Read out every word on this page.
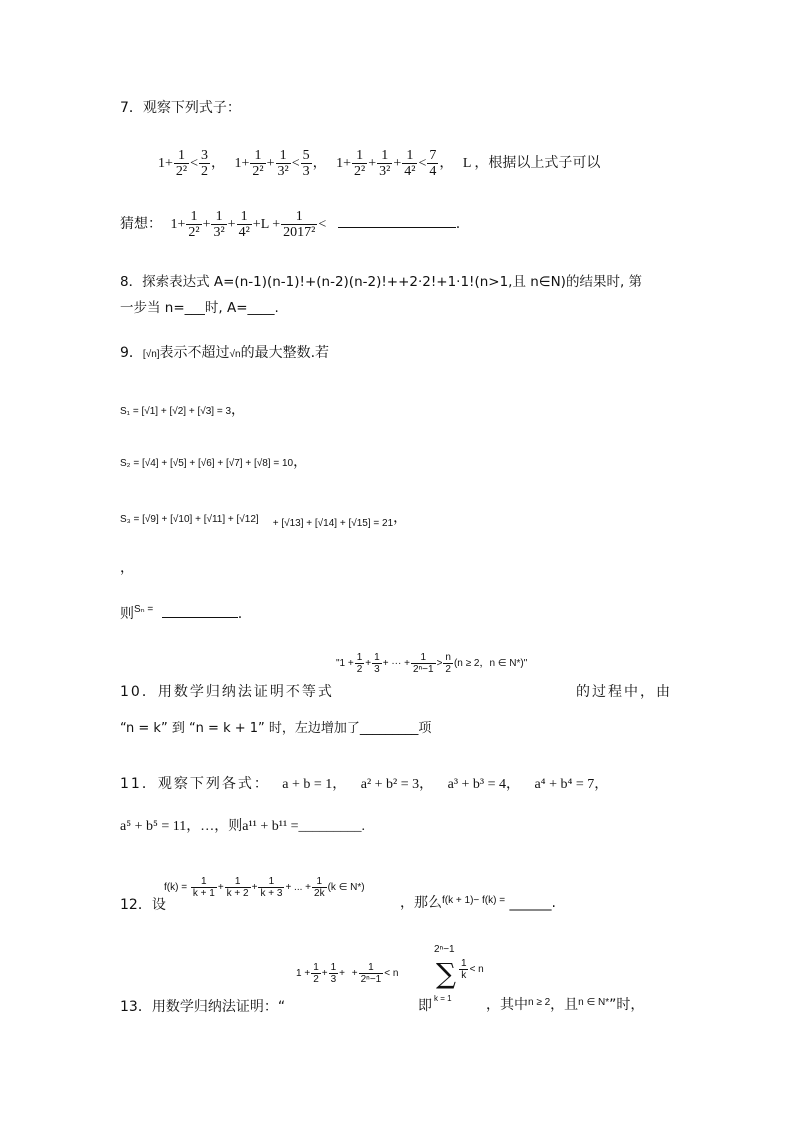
7．观察下列式子：
$1+ \frac{1}{\text{2²}} < \frac{3}{2}$ ， $1+ \frac{1}{\text{2²}} + \frac{1}{\text{3²}} < \frac{5}{3}$ ， $1+ \frac{1}{\text{2²}} + \frac{1}{\text{3²}} + \frac{1}{\text{4²}} < \frac{7}{4}$ ， L ，根据以上式子可以
猜想： $1+ \frac{1}{\text{2²}} + \frac{1}{\text{3²}} + \frac{1}{\text{4²}} +L + \frac{1}{\text{2017²}}$ <	.
8．探索表达式 A=(n-1)(n-1)!+(n-2)(n-2)!++2·2!+1·1!(n>1,且 n∈N)的结果时, 第
一步当 n=___时, A=____.
9．[√n]表示不超过√n的最大整数.若
S₁ = [√1] + [√2] + [√3] = 3，
S₂ = [√4] + [√5] + [√6] + [√7] + [√8] = 10，
S₃ = [√9] + [√10] + [√11] + [√12] $_{+ [√13] + [√14] + [√15] = 21}$，
，
则$^{S_n =}$	.
"$1 + \frac{1}{2} + \frac{1}{3}$ + ··· + $\frac{1}{\text{2ⁿ−1}} > \frac{n}{2} (n \ge 2$，n ∈ N*)"
10．用数学归纳法证明不等式	的过程中，由
“n = k” 到 “n = k + 1” 时，左边增加了_________项
11．观察下列各式： a + b = 1， a² + b² = 3， a³ + b³ = 4， a⁴ + b⁴ = 7，
a⁵ + b⁵ = 11，…，则a¹¹ + b¹¹ =_________.
$f(k) = \frac{1}{k + 1} + \frac{1}{k + 2} + \frac{1}{k + 3}$ + ... + $\frac{1}{2k} (k$ ∈ N*)
12．设	，那么$^{f(k + 1)- f(k) =}$ ______.
13．用数学归纳法证明：“
$1 + \frac{1}{2} + \frac{1}{3}$ + + $\frac{1}{\text{2ⁿ−1}} < n$
即
2ⁿ−1
∑
k = 1
$\frac{1}{k} < n$
，其中$^{n \ge 2}$，且$^{n \in N*}$”时，
